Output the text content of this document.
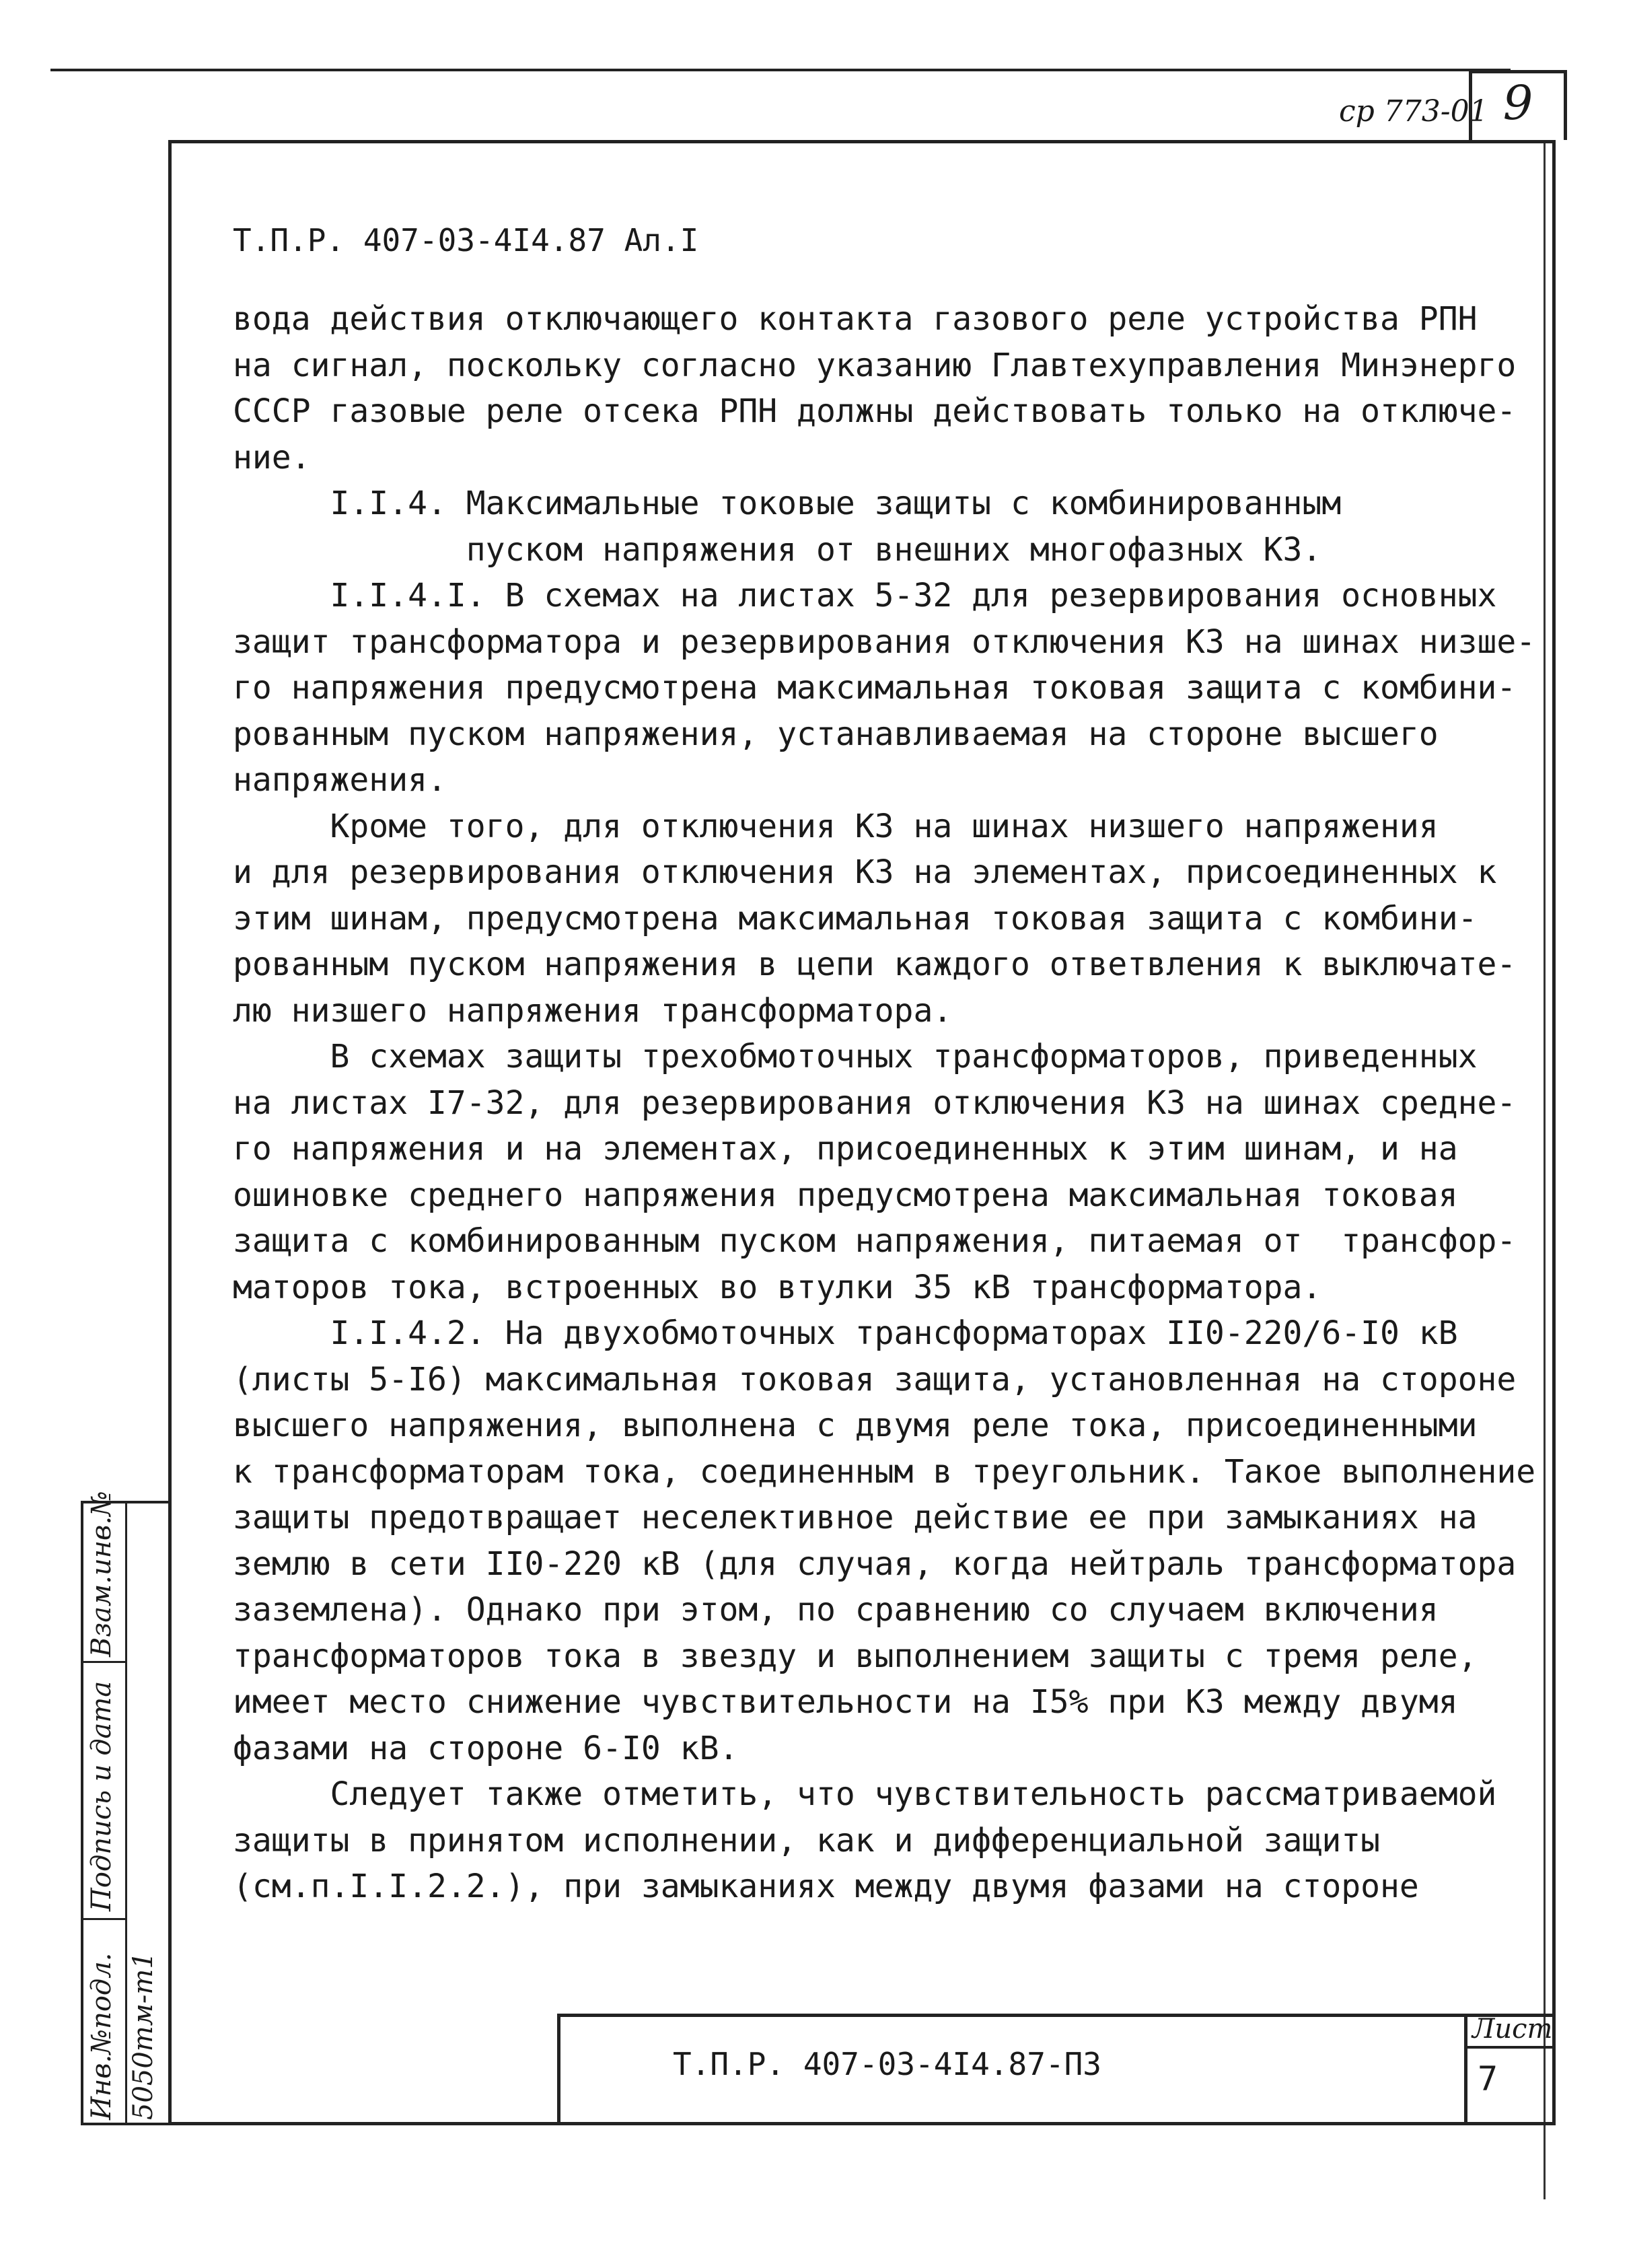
ср 773-01 9
Т.П.Р. 407-03-4I4.87 Ал.I
вода действия отключающего контакта газового реле устройства РПН
на сигнал, поскольку согласно указанию Главтехуправления Минэнерго
СССР газовые реле отсека РПН должны действовать только на отключе-
ние.
I.I.4. Максимальные токовые защиты с комбинированным
пуском напряжения от внешних многофазных КЗ.
I.I.4.I. В схемах на листах 5-32 для резервирования основных
защит трансформатора и резервирования отключения КЗ на шинах низше-
го напряжения предусмотрена максимальная токовая защита с комбини-
рованным пуском напряжения, устанавливаемая на стороне высшего
напряжения.
Кроме того, для отключения КЗ на шинах низшего напряжения
и для резервирования отключения КЗ на элементах, присоединенных к
этим шинам, предусмотрена максимальная токовая защита с комбини-
рованным пуском напряжения в цепи каждого ответвления к выключате-
лю низшего напряжения трансформатора.
В схемах защиты трехобмоточных трансформаторов, приведенных
на листах I7-32, для резервирования отключения КЗ на шинах средне-
го напряжения и на элементах, присоединенных к этим шинам, и на
ошиновке среднего напряжения предусмотрена максимальная токовая
защита с комбинированным пуском напряжения, питаемая от  трансфор-
маторов тока, встроенных во втулки 35 кВ трансформатора.
I.I.4.2. На двухобмоточных трансформаторах II0-220/6-I0 кВ
(листы 5-I6) максимальная токовая защита, установленная на стороне
высшего напряжения, выполнена с двумя реле тока, присоединенными
к трансформаторам тока, соединенным в треугольник. Такое выполнение
защиты предотвращает неселективное действие ее при замыканиях на
землю в сети II0-220 кВ (для случая, когда нейтраль трансформатора
заземлена). Однако при этом, по сравнению со случаем включения
трансформаторов тока в звезду и выполнением защиты с тремя реле,
имеет место снижение чувствительности на I5% при КЗ между двумя
фазами на стороне 6-I0 кВ.
Следует также отметить, что чувствительность рассматриваемой
защиты в принятом исполнении, как и дифференциальной защиты
(см.п.I.I.2.2.), при замыканиях между двумя фазами на стороне
Инв.№подл.
Подпись и дата
Взам.инв.№
5050тм-т1	Т.П.Р. 407-03-4I4.87-ПЗ
Лист
7
